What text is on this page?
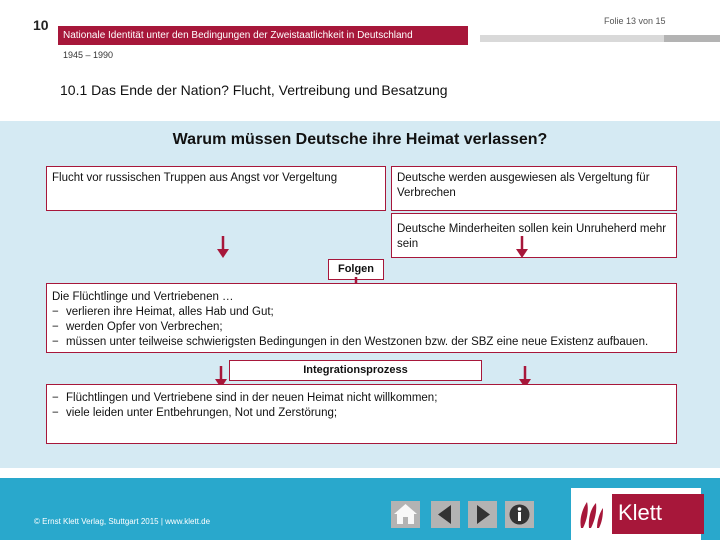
10	Folie 13 von 15
Nationale Identität unter den Bedingungen der Zweistaatlichkeit in Deutschland
1945 – 1990
10.1 Das Ende der Nation? Flucht, Vertreibung und Besatzung
Warum müssen Deutsche ihre Heimat verlassen?
Flucht vor russischen Truppen aus Angst vor Vergeltung	Deutsche werden ausgewiesen als Vergeltung für Verbrechen
Deutsche Minderheiten sollen kein Unruheherd mehr sein
Folgen
Die Flüchtlinge und Vertriebenen …
− verlieren ihre Heimat, alles Hab und Gut;
− werden Opfer von Verbrechen;
− müssen unter teilweise schwierigsten Bedingungen in den Westzonen bzw. der SBZ eine neue Existenz aufbauen.
Integrationsprozess
− Flüchtlingen und Vertriebene sind in der neuen Heimat nicht willkommen;
− viele leiden unter Entbehrungen, Not und Zerstörung;
© Ernst Klett Verlag, Stuttgart 2015 | www.klett.de	Klett
